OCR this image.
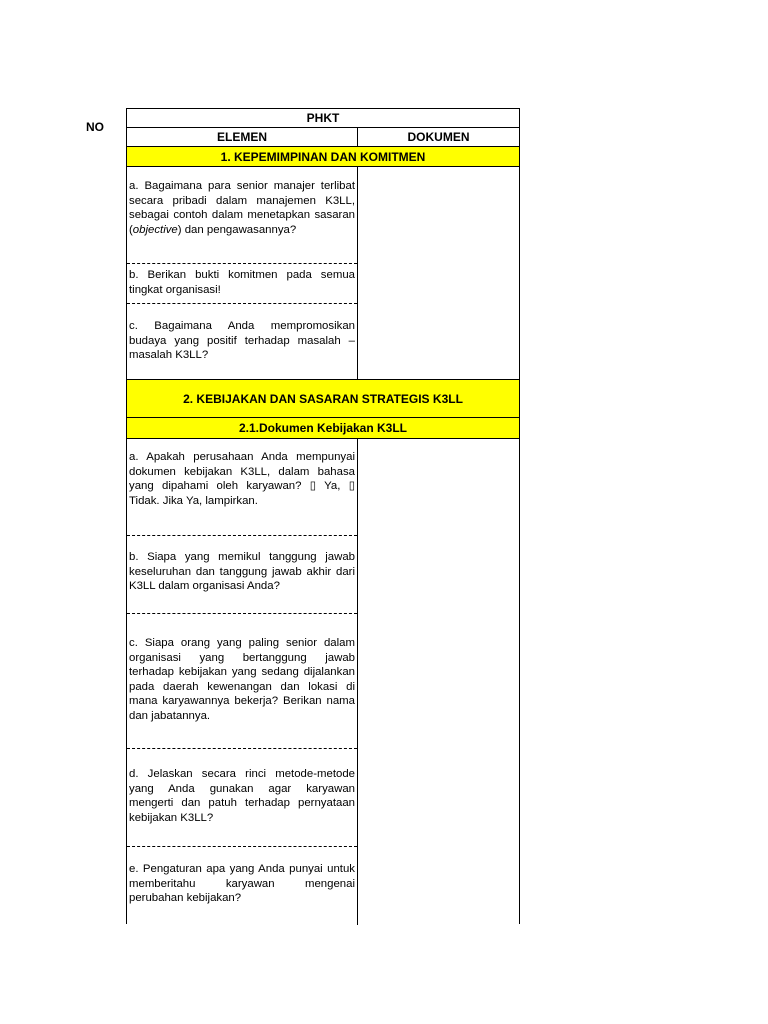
NO
PHKT
ELEMEN	DOKUMEN
1. KEPEMIMPINAN DAN KOMITMEN
a. Bagaimana para senior manajer terlibat secara pribadi dalam manajemen K3LL, sebagai contoh dalam menetapkan sasaran (objective) dan pengawasannya?
b. Berikan bukti komitmen pada semua tingkat organisasi!
c. Bagaimana Anda mempromosikan budaya yang positif terhadap masalah – masalah K3LL?
2. KEBIJAKAN DAN SASARAN STRATEGIS K3LL
2.1.Dokumen Kebijakan K3LL
a. Apakah perusahaan Anda mempunyai dokumen kebijakan K3LL, dalam bahasa yang dipahami oleh karyawan? ▯ Ya, ▯ Tidak. Jika Ya, lampirkan.
b. Siapa yang memikul tanggung jawab keseluruhan dan tanggung jawab akhir dari K3LL dalam organisasi Anda?
c. Siapa orang yang paling senior dalam organisasi yang bertanggung jawab terhadap kebijakan yang sedang dijalankan pada daerah kewenangan dan lokasi di mana karyawannya bekerja? Berikan nama dan jabatannya.
d. Jelaskan secara rinci metode-metode yang Anda gunakan agar karyawan mengerti dan patuh terhadap pernyataan kebijakan K3LL?
e. Pengaturan apa yang Anda punyai untuk memberitahu karyawan mengenai perubahan kebijakan?
